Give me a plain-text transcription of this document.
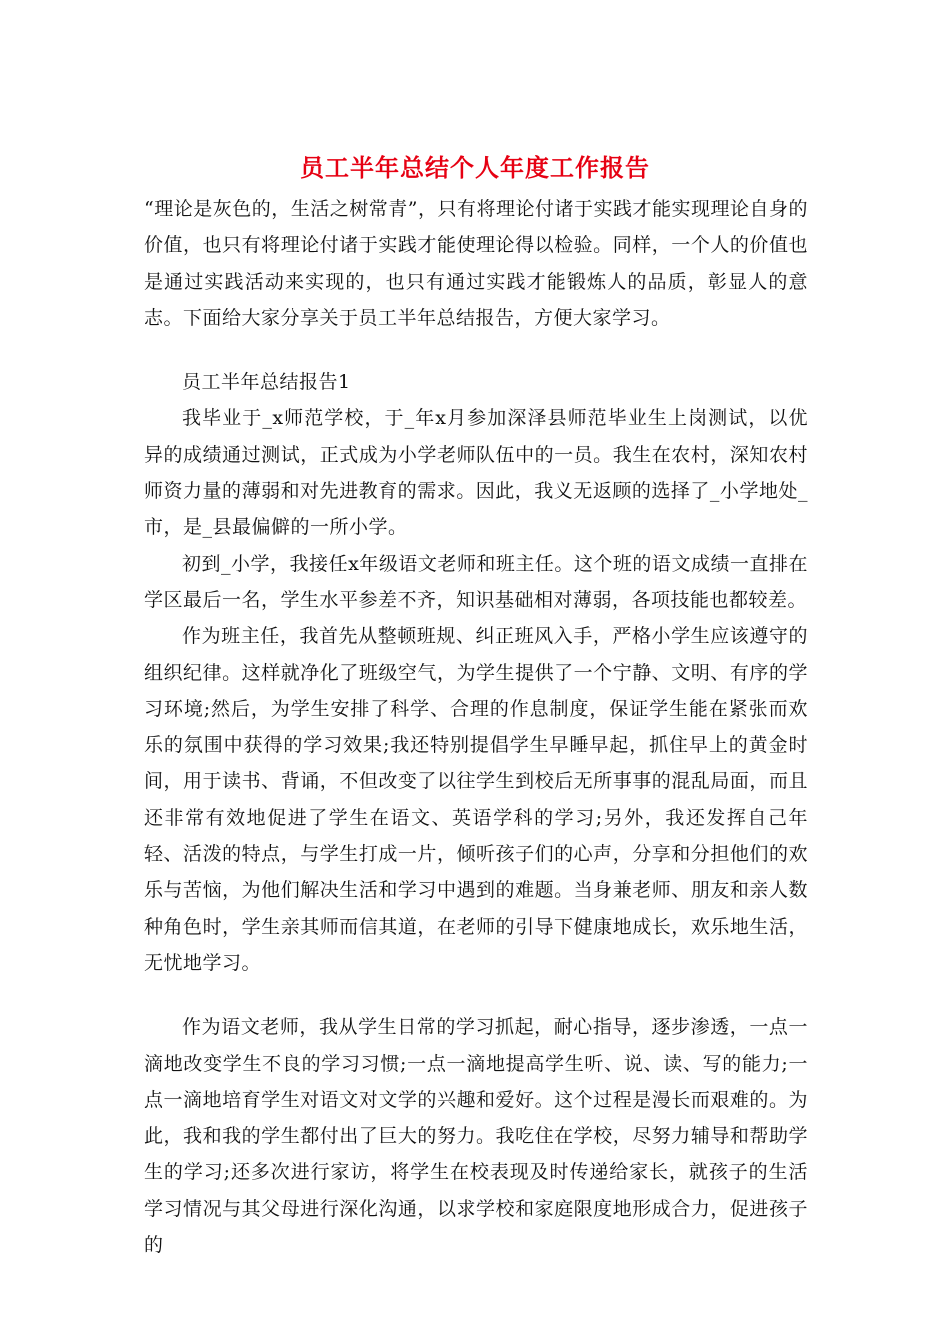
员工半年总结个人年度工作报告

“理论是灰色的，生活之树常青”，只有将理论付诸于实践才能实现理论自身的价值，也只有将理论付诸于实践才能使理论得以检验。同样，一个人的价值也是通过实践活动来实现的，也只有通过实践才能锻炼人的品质，彰显人的意志。下面给大家分享关于员工半年总结报告，方便大家学习。

员工半年总结报告1

我毕业于_x师范学校，于_年x月参加深泽县师范毕业生上岗测试，以优异的成绩通过测试，正式成为小学老师队伍中的一员。我生在农村，深知农村师资力量的薄弱和对先进教育的需求。因此，我义无返顾的选择了_小学地处_市，是_县最偏僻的一所小学。

初到_小学，我接任x年级语文老师和班主任。这个班的语文成绩一直排在学区最后一名，学生水平参差不齐，知识基础相对薄弱，各项技能也都较差。

作为班主任，我首先从整顿班规、纠正班风入手，严格小学生应该遵守的组织纪律。这样就净化了班级空气，为学生提供了一个宁静、文明、有序的学习环境;然后，为学生安排了科学、合理的作息制度，保证学生能在紧张而欢乐的氛围中获得的学习效果;我还特别提倡学生早睡早起，抓住早上的黄金时间，用于读书、背诵，不但改变了以往学生到校后无所事事的混乱局面，而且还非常有效地促进了学生在语文、英语学科的学习;另外，我还发挥自己年轻、活泼的特点，与学生打成一片，倾听孩子们的心声，分享和分担他们的欢乐与苦恼，为他们解决生活和学习中遇到的难题。当身兼老师、朋友和亲人数种角色时，学生亲其师而信其道，在老师的引导下健康地成长，欢乐地生活，无忧地学习。

作为语文老师，我从学生日常的学习抓起，耐心指导，逐步渗透，一点一滴地改变学生不良的学习习惯;一点一滴地提高学生听、说、读、写的能力;一点一滴地培育学生对语文对文学的兴趣和爱好。这个过程是漫长而艰难的。为此，我和我的学生都付出了巨大的努力。我吃住在学校，尽努力辅导和帮助学生的学习;还多次进行家访，将学生在校表现及时传递给家长，就孩子的生活学习情况与其父母进行深化沟通，以求学校和家庭限度地形成合力，促进孩子的
